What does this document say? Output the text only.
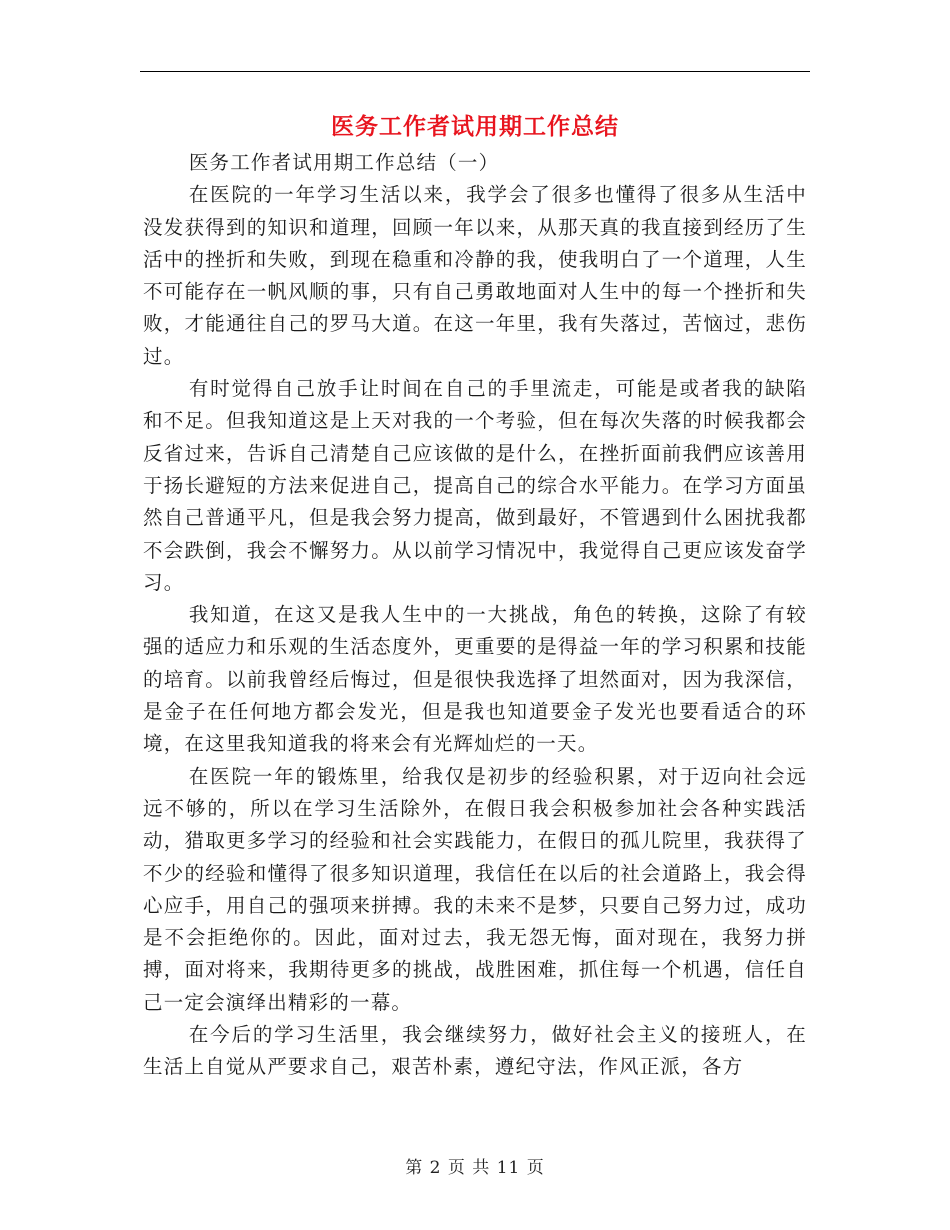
医务工作者试用期工作总结

医务工作者试用期工作总结（一）

在医院的一年学习生活以来，我学会了很多也懂得了很多从生活中没发获得到的知识和道理，回顾一年以来，从那天真的我直接到经历了生活中的挫折和失败，到现在稳重和冷静的我，使我明白了一个道理，人生不可能存在一帆风顺的事，只有自己勇敢地面对人生中的每一个挫折和失败，才能通往自己的罗马大道。在这一年里，我有失落过，苦恼过，悲伤过。

有时觉得自己放手让时间在自己的手里流走，可能是或者我的缺陷和不足。但我知道这是上天对我的一个考验，但在每次失落的时候我都会反省过来，告诉自己清楚自己应该做的是什么，在挫折面前我們应该善用于扬长避短的方法来促进自己，提高自己的综合水平能力。在学习方面虽然自己普通平凡，但是我会努力提高，做到最好，不管遇到什么困扰我都不会跌倒，我会不懈努力。从以前学习情况中，我觉得自己更应该发奋学习。

我知道，在这又是我人生中的一大挑战，角色的转换，这除了有较强的适应力和乐观的生活态度外，更重要的是得益一年的学习积累和技能的培育。以前我曾经后悔过，但是很快我选择了坦然面对，因为我深信，是金子在任何地方都会发光，但是我也知道要金子发光也要看适合的环境，在这里我知道我的将来会有光辉灿烂的一天。

在医院一年的锻炼里，给我仅是初步的经验积累，对于迈向社会远远不够的，所以在学习生活除外，在假日我会积极参加社会各种实践活动，猎取更多学习的经验和社会实践能力，在假日的孤儿院里，我获得了不少的经验和懂得了很多知识道理，我信任在以后的社会道路上，我会得心应手，用自己的强项来拼搏。我的未来不是梦，只要自己努力过，成功是不会拒绝你的。因此，面对过去，我无怨无悔，面对现在，我努力拼搏，面对将来，我期待更多的挑战，战胜困难，抓住每一个机遇，信任自己一定会演绎出精彩的一幕。

在今后的学习生活里，我会继续努力，做好社会主义的接班人，在生活上自觉从严要求自己，艰苦朴素，遵纪守法，作风正派，各方

第 2 页 共 11 页
